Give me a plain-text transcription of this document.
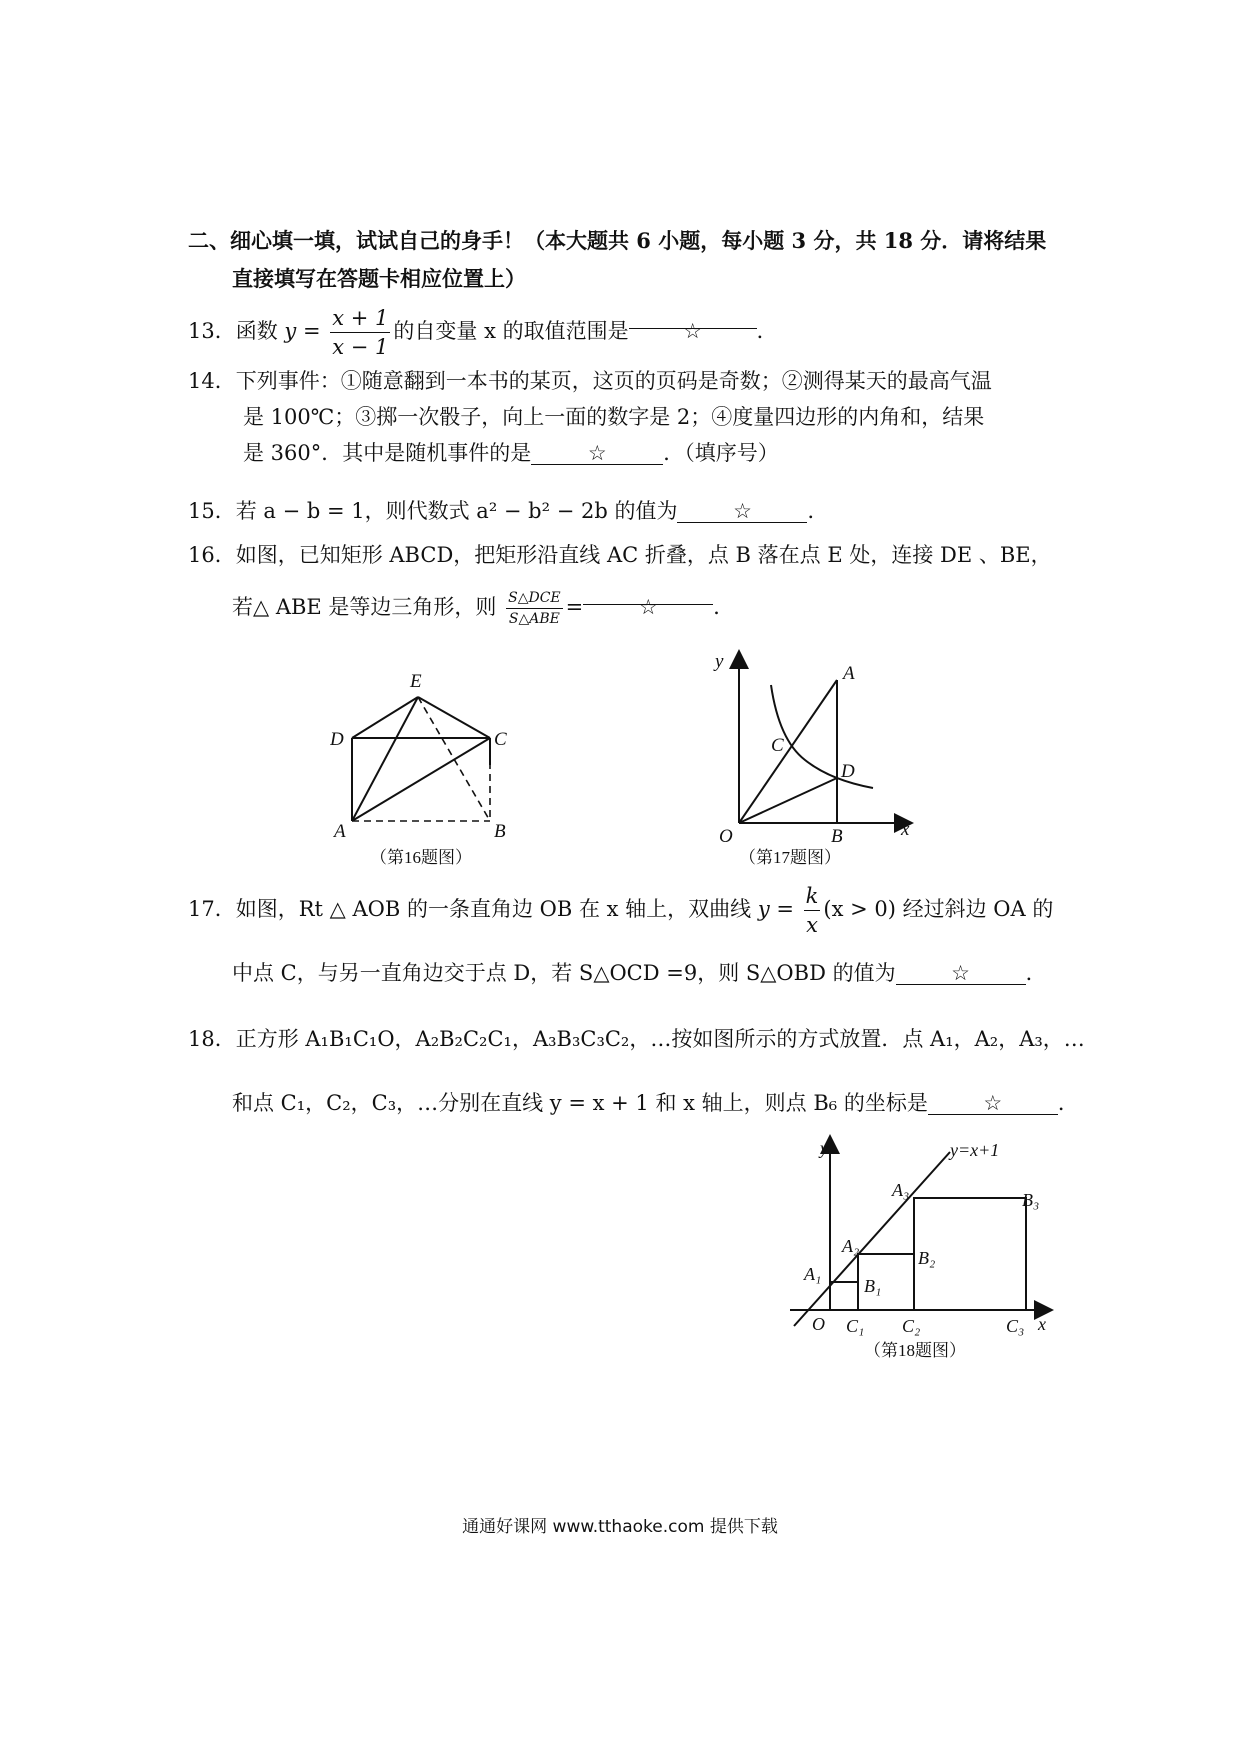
二、细心填一填，试试自己的身手！（本大题共 6 小题，每小题 3 分，共 18 分．请将结果
直接填写在答题卡相应位置上）
13．函数 $y = \frac{x + 1}{x - 1}$ 的自变量 x 的取值范围是	☆	．
14．下列事件：①随意翻到一本书的某页，这页的页码是奇数；②测得某天的最高气温
是 100℃；③掷一次骰子，向上一面的数字是 2；④度量四边形的内角和，结果
是 360°．其中是随机事件的是	☆	．（填序号）
15．若 a − b = 1，则代数式 a² − b² − 2b 的值为	☆	．
16．如图，已知矩形 ABCD，把矩形沿直线 AC 折叠，点 B 落在点 E 处，连接 DE 、BE，
若△ ABE 是等边三角形，则 $\frac{\text{S△DCE}}{\text{S△ABE}}$ =	☆	．
E
D	C
A	B
（第16题图）
y
A
C
D
O	B	x
（第17题图）
17．如图，Rt △ AOB 的一条直角边 OB 在 x 轴上，双曲线 $y = \frac{k}{x} (x > 0)$ 经过斜边 OA 的
中点 C，与另一直角边交于点 D，若 S△OCD =9，则 S△OBD 的值为	☆	．
18．正方形 A₁B₁C₁O，A₂B₂C₂C₁，A₃B₃C₃C₂，…按如图所示的方式放置．点 A₁，A₂，A₃，…
和点 C₁，C₂，C₃，…分别在直线 y = x + 1 和 x 轴上，则点 B₆ 的坐标是	☆	．
y	y=x+1
A₁
A₂
A₃
B₁
B₂
B₃
O C₁ C₂	C₃ x
（第18题图）
通通好课网 www.tthaoke.com 提供下载
